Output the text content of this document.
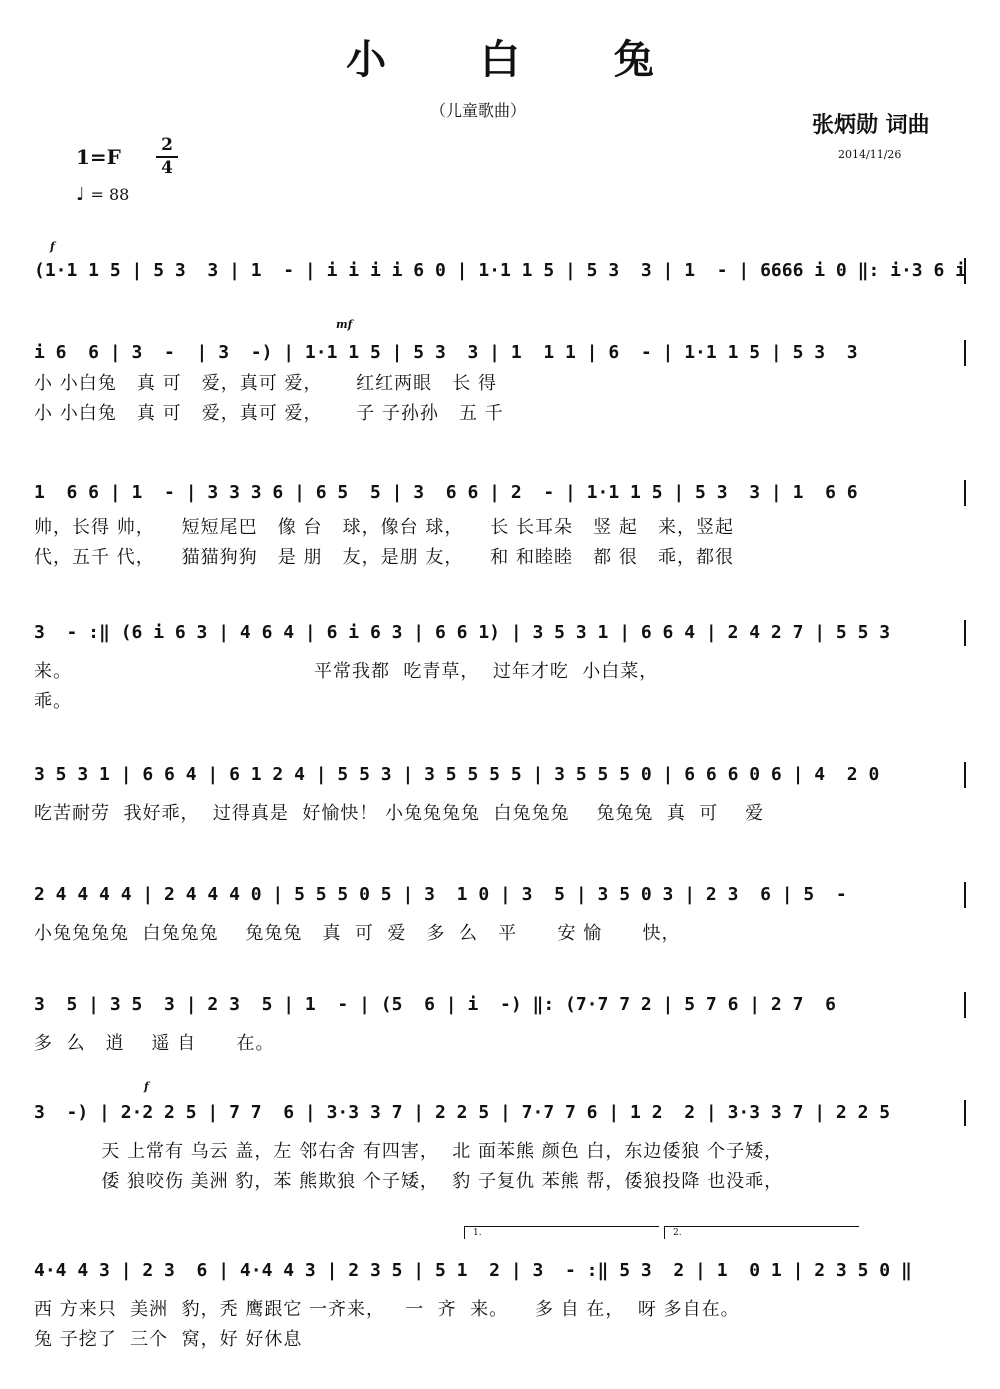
小 白 兔
（儿童歌曲）
张炳勋 词曲
2014/11/26
1=F 2
4
♩ = 88
f
(1·1 1 5 | 5 3  3 | 1  - | i i i i 6 0 | 1·1 1 5 | 5 3  3 | 1  - | 6666 i 0 ‖: i·3 6 i
mf
i 6  6 | 3  -  | 3  -) | 1·1 1 5 | 5 3  3 | 1  1 1 | 6  - | 1·1 1 5 | 5 3  3
小 小白兔   真 可   爱，真可 爱，     红红两眼   长 得
小 小白兔   真 可   爱，真可 爱，     子 子孙孙   五 千
1  6 6 | 1  - | 3 3 3 6 | 6 5  5 | 3  6 6 | 2  - | 1·1 1 5 | 5 3  3 | 1  6 6
帅，长得 帅，    短短尾巴   像 台   球，像台 球，    长 长耳朵   竖 起   来，竖起
代，五千 代，    猫猫狗狗   是 朋   友，是朋 友，    和 和睦睦   都 很   乖，都很
3  - :‖ (6 i 6 3 | 4 6 4 | 6 i 6 3 | 6 6 1) | 3 5 3 1 | 6 6 4 | 2 4 2 7 | 5 5 3
来。                                    平常我都  吃青草，  过年才吃  小白菜，
乖。
3 5 3 1 | 6 6 4 | 6 1 2 4 | 5 5 3 | 3 5 5 5 5 | 3 5 5 5 0 | 6 6 6 0 6 | 4  2 0
吃苦耐劳  我好乖，  过得真是  好愉快！ 小兔兔兔兔  白兔兔兔    兔兔兔  真  可    爱
2 4 4 4 4 | 2 4 4 4 0 | 5 5 5 0 5 | 3  1 0 | 3  5 | 3 5 0 3 | 2 3  6 | 5  -
小兔兔兔兔  白兔兔兔    兔兔兔   真  可  爱   多  么   平      安 愉      快，
3  5 | 3 5  3 | 2 3  5 | 1  - | (5  6 | i  -) ‖: (7·7 7 2 | 5 7 6 | 2 7  6
多  么   逍    遥 自      在。
f
3  -) | 2·2 2 5 | 7 7  6 | 3·3 3 7 | 2 2 5 | 7·7 7 6 | 1 2  2 | 3·3 3 7 | 2 2 5
天 上常有 乌云 盖，左 邻右舍 有四害，  北 面苯熊 颜色 白，东边倭狼 个子矮，
倭 狼咬伤 美洲 豹，苯 熊欺狼 个子矮，  豹 子复仇 苯熊 帮，倭狼投降 也没乖，
1.	2.
4·4 4 3 | 2 3  6 | 4·4 4 3 | 2 3 5 | 5 1  2 | 3  - :‖ 5 3  2 | 1  0 1 | 2 3 5 0 ‖
西 方来只  美洲  豹，秃 鹰跟它 一齐来，   一  齐  来。    多 自 在，  呀 多自在。
兔 子挖了  三个  窝，好 好休息
